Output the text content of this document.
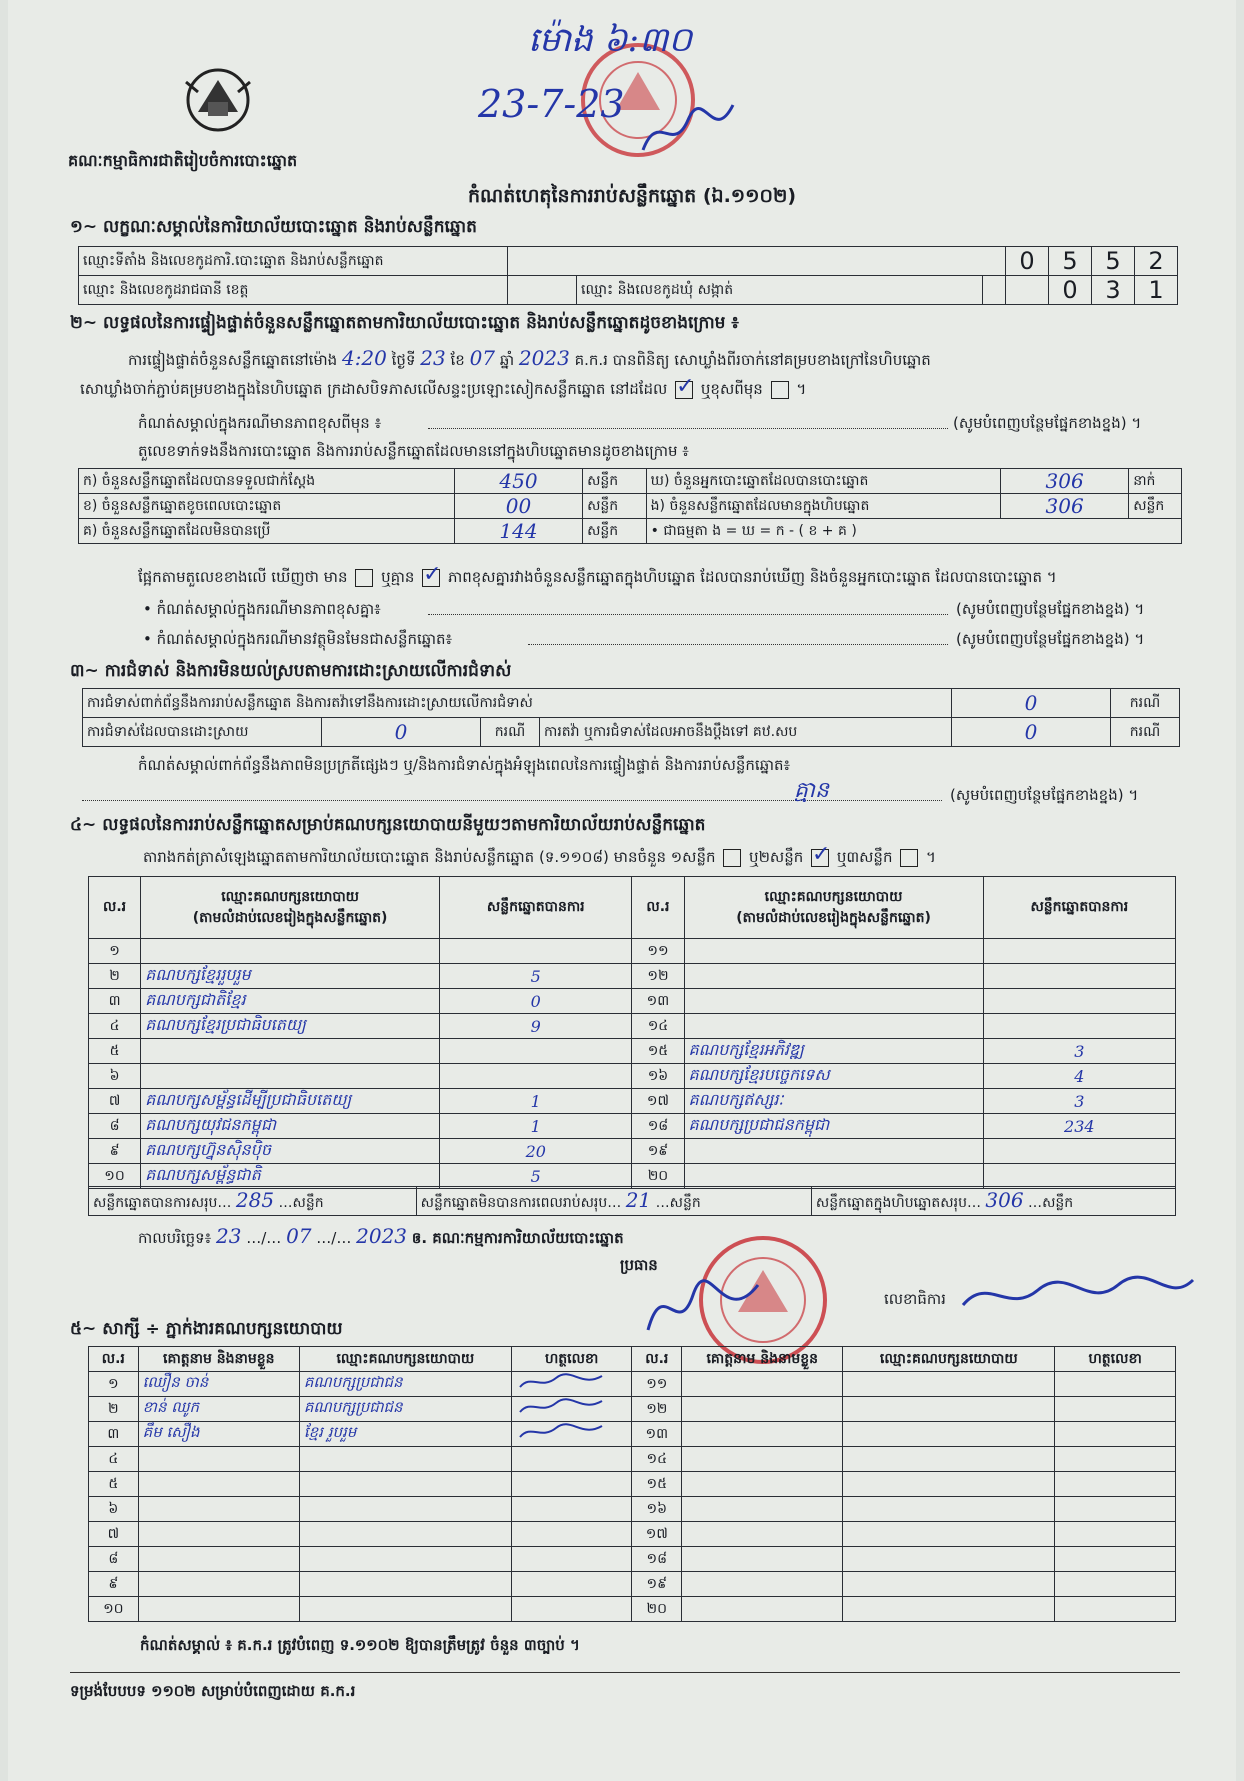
គណៈកម្មាធិការជាតិរៀបចំការបោះឆ្នោត
ម៉ោង ៦:៣០
23-7-23
កំណត់ហេតុនៃការរាប់សន្លឹកឆ្នោត (ឯ.១១០២)
១~ លក្ខណៈសម្គាល់នៃការិយាល័យបោះឆ្នោត និងរាប់សន្លឹកឆ្នោត
ឈ្មោះទីតាំង និងលេខកូដការិ.បោះឆ្នោត និងរាប់សន្លឹកឆ្នោត				0	5	5	2
ឈ្មោះ និងលេខកូដរាជធានី ខេត្ត		ឈ្មោះ និងលេខកូដឃុំ សង្កាត់			0	3	1
២~ លទ្ធផលនៃការផ្ទៀងផ្ទាត់ចំនួនសន្លឹកឆ្នោតតាមការិយាល័យបោះឆ្នោត និងរាប់សន្លឹកឆ្នោតដូចខាងក្រោម ៖
ការផ្ទៀងផ្ទាត់ចំនួនសន្លឹកឆ្នោតនៅម៉ោង 4:20 ថ្ងៃទី 23 ខែ 07 ឆ្នាំ 2023 គ.ក.រ បានពិនិត្យ សោឃ្លាំងពីរចាក់នៅគម្របខាងក្រៅនៃហិបឆ្នោត
សោឃ្លាំងចាក់ភ្ជាប់គម្របខាងក្នុងនៃហិបឆ្នោត ក្រដាសបិទភាសលើសន្ទះប្រឡោះសៀកសន្លឹកឆ្នោត នៅដដែល ✓ ឬខុសពីមុន  ។
កំណត់សម្គាល់ក្នុងករណីមានភាពខុសពីមុន ៖	(សូមបំពេញបន្ថែមផ្នែកខាងខ្នង) ។
តួលេខទាក់ទងនឹងការបោះឆ្នោត និងការរាប់សន្លឹកឆ្នោតដែលមាននៅក្នុងហិបឆ្នោតមានដូចខាងក្រោម ៖
ក) ចំនួនសន្លឹកឆ្នោតដែលបានទទួលជាក់ស្តែង	450	សន្លឹក	ឃ) ចំនួនអ្នកបោះឆ្នោតដែលបានបោះឆ្នោត	306	នាក់
ខ) ចំនួនសន្លឹកឆ្នោតខូចពេលបោះឆ្នោត	00	សន្លឹក	ង) ចំនួនសន្លឹកឆ្នោតដែលមានក្នុងហិបឆ្នោត	306	សន្លឹក
គ) ចំនួនសន្លឹកឆ្នោតដែលមិនបានប្រើ	144	សន្លឹក	• ជាធម្មតា ង = ឃ = ក - ( ខ + គ )		
ផ្អែកតាមតួលេខខាងលើ ឃើញថា មាន ឬគ្មាន ✓ ភាពខុសគ្នារវាងចំនួនសន្លឹកឆ្នោតក្នុងហិបឆ្នោត ដែលបានរាប់ឃើញ និងចំនួនអ្នកបោះឆ្នោត ដែលបានបោះឆ្នោត ។
• កំណត់សម្គាល់ក្នុងករណីមានភាពខុសគ្នា៖	(សូមបំពេញបន្ថែមផ្នែកខាងខ្នង) ។
• កំណត់សម្គាល់ក្នុងករណីមានវត្ថុមិនមែនជាសន្លឹកឆ្នោត៖	(សូមបំពេញបន្ថែមផ្នែកខាងខ្នង) ។
៣~ ការជំទាស់ និងការមិនយល់ស្របតាមការដោះស្រាយលើការជំទាស់
ការជំទាស់ពាក់ព័ន្ធនឹងការរាប់សន្លឹកឆ្នោត និងការតវ៉ាទៅនឹងការដោះស្រាយលើការជំទាស់				0	ករណី
ការជំទាស់ដែលបានដោះស្រាយ	0	ករណី	ការតវ៉ា ឬការជំទាស់ដែលអាចនឹងប្តឹងទៅ គឋ.សប	0	ករណី
កំណត់សម្គាល់ពាក់ព័ន្ធនឹងភាពមិនប្រក្រតីផ្សេងៗ ឬ/និងការជំទាស់ក្នុងអំឡុងពេលនៃការផ្ទៀងផ្ទាត់ និងការរាប់សន្លឹកឆ្នោត៖
គ្មាន	(សូមបំពេញបន្ថែមផ្នែកខាងខ្នង) ។
៤~ លទ្ធផលនៃការរាប់សន្លឹកឆ្នោតសម្រាប់គណបក្សនយោបាយនីមួយៗតាមការិយាល័យរាប់សន្លឹកឆ្នោត
តារាងកត់ត្រាសំឡេងឆ្នោតតាមការិយាល័យបោះឆ្នោត និងរាប់សន្លឹកឆ្នោត (ទ.១១០៨) មានចំនួន ១សន្លឹក ឬ២សន្លឹក ✓ ឬ៣សន្លឹក ។
ល.រ	ឈ្មោះគណបក្សនយោបាយ
(តាមលំដាប់លេខរៀងក្នុងសន្លឹកឆ្នោត)	សន្លឹកឆ្នោតបានការ	ល.រ	ឈ្មោះគណបក្សនយោបាយ
(តាមលំដាប់លេខរៀងក្នុងសន្លឹកឆ្នោត)	សន្លឹកឆ្នោតបានការ
១			១១		
២	គណបក្សខ្មែររួបរួម	5	១២		
៣	គណបក្សជាតិខ្មែរ	0	១៣		
៤	គណបក្សខ្មែរប្រជាធិបតេយ្យ	9	១៤		
៥			១៥	គណបក្សខ្មែរអភិវឌ្ឍ	3
៦			១៦	គណបក្សខ្មែរបច្ចេកទេស	4
៧	គណបក្សសម្ព័ន្ធដើម្បីប្រជាធិបតេយ្យ	1	១៧	គណបក្សឥស្សរៈ	3
៨	គណបក្សយុវជនកម្ពុជា	1	១៨	គណបក្សប្រជាជនកម្ពុជា	234
៩	គណបក្សហ្វ៊ុនស៊ិនប៉ិច	20	១៩		
១០	គណបក្សសម្ព័ន្ធជាតិ	5	២០		
សន្លឹកឆ្នោតបានការសរុប… 285 …សន្លឹក	សន្លឹកឆ្នោតមិនបានការពេលរាប់សរុប… 21 …សន្លឹក	សន្លឹកឆ្នោតក្នុងហិបឆ្នោតសរុប… 306 …សន្លឹក
កាលបរិច្ឆេទ៖ 23 …/… 07 …/… 2023 ឲ. គណៈកម្មការការិយាល័យបោះឆ្នោត
ប្រធាន
លេខាធិការ
៥~ សាក្សី ÷ ភ្នាក់ងារគណបក្សនយោបាយ
ល.រ	គោត្តនាម និងនាមខ្លួន	ឈ្មោះគណបក្សនយោបាយ	ហត្ថលេខា	ល.រ	គោត្តនាម និងនាមខ្លួន	ឈ្មោះគណបក្សនយោបាយ	ហត្ថលេខា
១	ឈឿន ចាន់	គណបក្សប្រជាជន		១១			
២	ខាន់ ឈូក	គណបក្សប្រជាជន		១២			
៣	គឹម សឿង	ខ្មែរ រួបរួម		១៣			
៤				១៤			
៥				១៥			
៦				១៦			
៧				១៧			
៨				១៨			
៩				១៩			
១០				២០			
កំណត់សម្គាល់ ៖ គ.ក.រ ត្រូវបំពេញ ទ.១១០២ ឱ្យបានត្រឹមត្រូវ ចំនួន ៣ច្បាប់ ។
ទម្រង់បែបបទ ១១០២ សម្រាប់បំពេញដោយ គ.ក.រ
